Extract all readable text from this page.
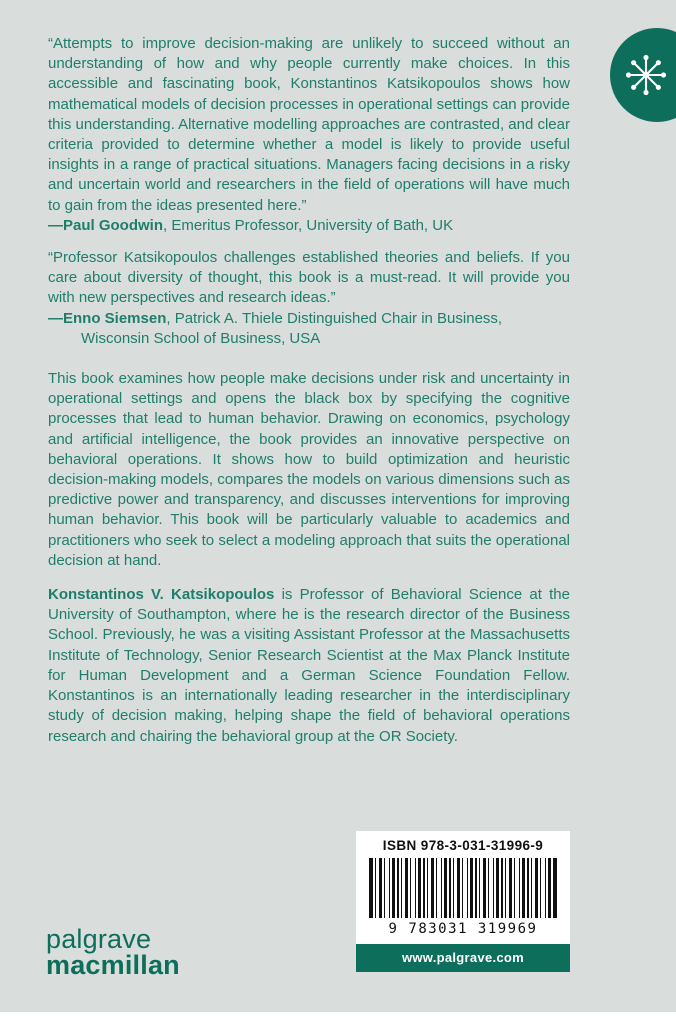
“Attempts to improve decision-making are unlikely to succeed without an understanding of how and why people currently make choices. In this accessible and fascinating book, Konstantinos Katsikopoulos shows how mathematical models of decision processes in operational settings can provide this understanding. Alternative modelling approaches are contrasted, and clear criteria provided to determine whether a model is likely to provide useful insights in a range of practical situations. Managers facing decisions in a risky and uncertain world and researchers in the field of operations will have much to gain from the ideas presented here.”

—Paul Goodwin, Emeritus Professor, University of Bath, UK

“Professor Katsikopoulos challenges established theories and beliefs. If you care about diversity of thought, this book is a must-read. It will provide you with new perspectives and research ideas.”

—Enno Siemsen, Patrick A. Thiele Distinguished Chair in Business,
Wisconsin School of Business, USA

This book examines how people make decisions under risk and uncertainty in operational settings and opens the black box by specifying the cognitive processes that lead to human behavior. Drawing on economics, psychology and artificial intelligence, the book provides an innovative perspective on behavioral operations. It shows how to build optimization and heuristic decision-making models, compares the models on various dimensions such as predictive power and transparency, and discusses interventions for improving human behavior. This book will be particularly valuable to academics and practitioners who seek to select a modeling approach that suits the operational decision at hand.

Konstantinos V. Katsikopoulos is Professor of Behavioral Science at the University of Southampton, where he is the research director of the Business School. Previously, he was a visiting Assistant Professor at the Massachusetts Institute of Technology, Senior Research Scientist at the Max Planck Institute for Human Development and a German Science Foundation Fellow. Konstantinos is an internationally leading researcher in the interdisciplinary study of decision making, helping shape the field of behavioral operations research and chairing the behavioral group at the OR Society.

palgrave
macmillan
ISBN 978-3-031-31996-9
9 783031 319969
www.palgrave.com
